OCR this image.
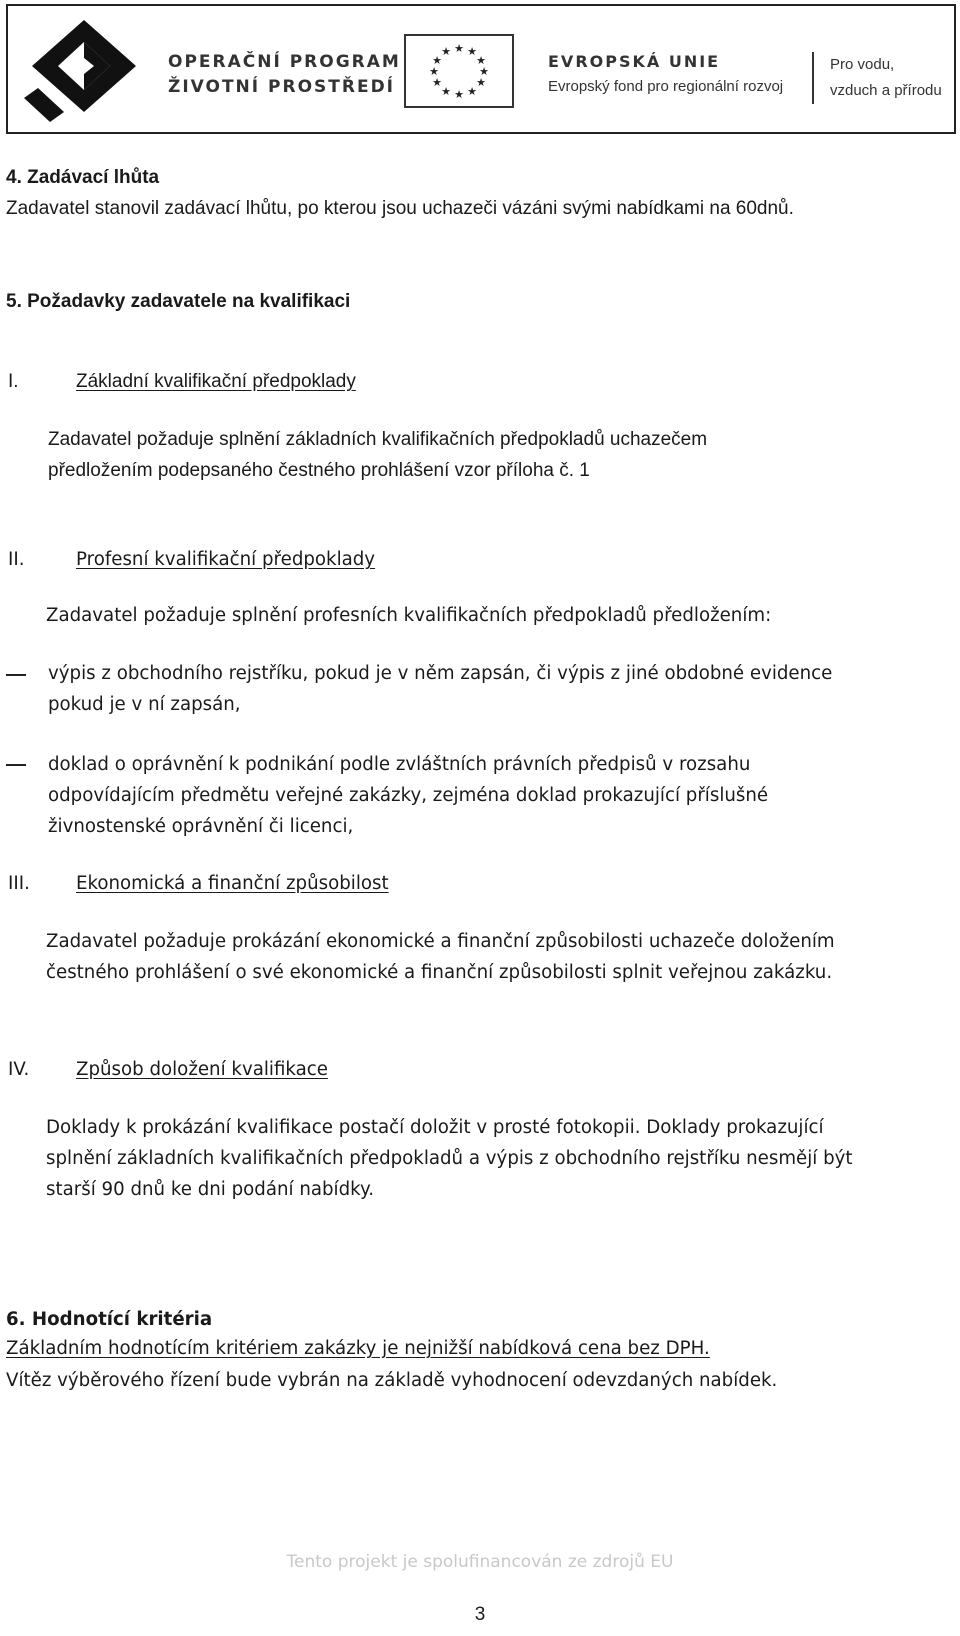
OPERAČNÍ PROGRAM
ŽIVOTNÍ PROSTŘEDÍ
★ ★
★
★
★
★
★
★
★
★
★
★
EVROPSKÁ UNIE
Evropský fond pro regionální rozvoj
Pro vodu,
vzduch a přírodu

4. Zadávací lhůta

Zadavatel stanovil zadávací lhůtu, po kterou jsou uchazeči vázáni svými nabídkami na 60dnů.

5. Požadavky zadavatele na kvalifikaci

I.	Základní kvalifikační předpoklady

Zadavatel požaduje splnění základních kvalifikačních předpokladů uchazečem

předložením podepsaného čestného prohlášení vzor příloha č. 1

II.	Profesní kvalifikační předpoklady

Zadavatel požaduje splnění profesních kvalifikačních předpokladů předložením:

výpis z obchodního rejstříku, pokud je v něm zapsán, či výpis z jiné obdobné evidence

pokud je v ní zapsán,

doklad o oprávnění k podnikání podle zvláštních právních předpisů v rozsahu

odpovídajícím předmětu veřejné zakázky, zejména doklad prokazující příslušné

živnostenské oprávnění či licenci,

III.	Ekonomická a finanční způsobilost

Zadavatel požaduje prokázání ekonomické a finanční způsobilosti uchazeče doložením

čestného prohlášení o své ekonomické a finanční způsobilosti splnit veřejnou zakázku.

IV.	Způsob doložení kvalifikace

Doklady k prokázání kvalifikace postačí doložit v prosté fotokopii. Doklady prokazující

splnění základních kvalifikačních předpokladů a výpis z obchodního rejstříku nesmějí být

starší 90 dnů ke dni podání nabídky.

6. Hodnotící kritéria

Základním hodnotícím kritériem zakázky je nejnižší nabídková cena bez DPH.

Vítěz výběrového řízení bude vybrán na základě vyhodnocení odevzdaných nabídek.

Tento projekt je spolufinancován ze zdrojů EU
3
